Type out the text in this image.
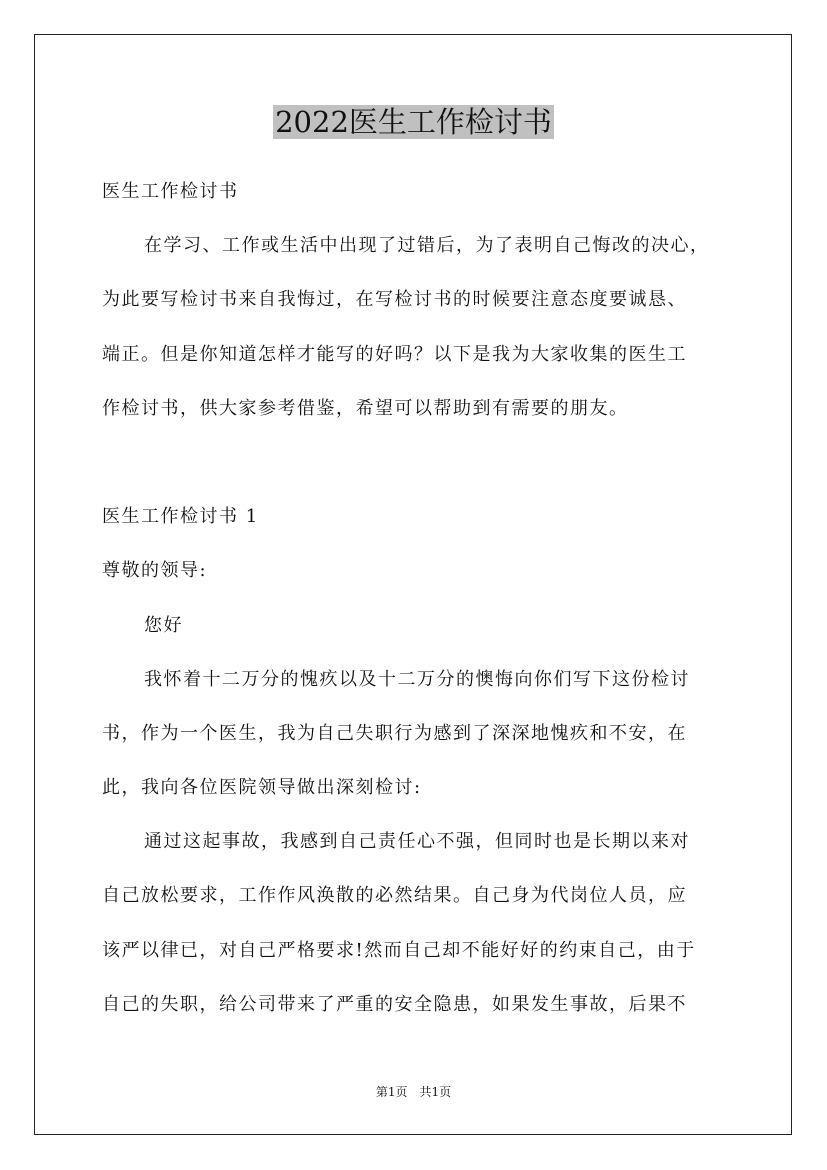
2022医生工作检讨书
医生工作检讨书
在学习、工作或生活中出现了过错后，为了表明自己悔改的决心，
为此要写检讨书来自我悔过，在写检讨书的时候要注意态度要诚恳、
端正。但是你知道怎样才能写的好吗？以下是我为大家收集的医生工
作检讨书，供大家参考借鉴，希望可以帮助到有需要的朋友。
医生工作检讨书 1
尊敬的领导:
您好
我怀着十二万分的愧疚以及十二万分的懊悔向你们写下这份检讨
书，作为一个医生，我为自己失职行为感到了深深地愧疚和不安，在
此，我向各位医院领导做出深刻检讨:
通过这起事故，我感到自己责任心不强，但同时也是长期以来对
自己放松要求，工作作风涣散的必然结果。自己身为代岗位人员，应
该严以律已，对自己严格要求!然而自己却不能好好的约束自己，由于
自己的失职，给公司带来了严重的安全隐患，如果发生事故，后果不
第1页　共1页
